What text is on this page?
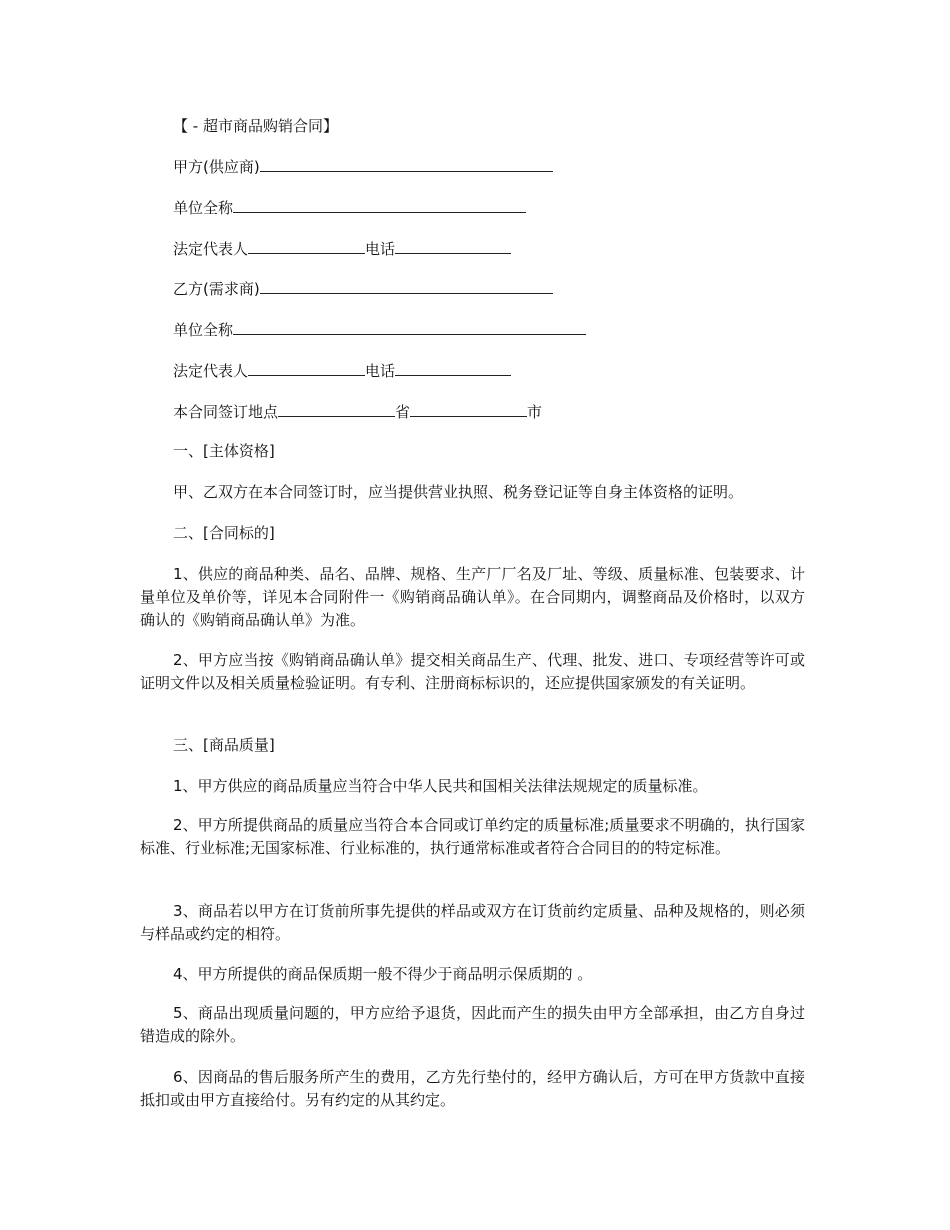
【 - 超市商品购销合同】
甲方(供应商)
单位全称
法定代表人	电话
乙方(需求商)
单位全称
法定代表人	电话
本合同签订地点	省	市
一、[主体资格]
甲、乙双方在本合同签订时，应当提供营业执照、税务登记证等自身主体资格的证明。
二、[合同标的]
1、供应的商品种类、品名、品牌、规格、生产厂厂名及厂址、等级、质量标准、包装要求、计量单位及单价等，详见本合同附件一《购销商品确认单》。在合同期内，调整商品及价格时，以双方确认的《购销商品确认单》为准。
2、甲方应当按《购销商品确认单》提交相关商品生产、代理、批发、进口、专项经营等许可或证明文件以及相关质量检验证明。有专利、注册商标标识的，还应提供国家颁发的有关证明。
三、[商品质量]
1、甲方供应的商品质量应当符合中华人民共和国相关法律法规规定的质量标准。
2、甲方所提供商品的质量应当符合本合同或订单约定的质量标准;质量要求不明确的，执行国家标准、行业标准;无国家标准、行业标准的，执行通常标准或者符合合同目的的特定标准。
3、商品若以甲方在订货前所事先提供的样品或双方在订货前约定质量、品种及规格的，则必须与样品或约定的相符。
4、甲方所提供的商品保质期一般不得少于商品明示保质期的 。
5、商品出现质量问题的，甲方应给予退货，因此而产生的损失由甲方全部承担，由乙方自身过错造成的除外。
6、因商品的售后服务所产生的费用，乙方先行垫付的，经甲方确认后，方可在甲方货款中直接抵扣或由甲方直接给付。另有约定的从其约定。
